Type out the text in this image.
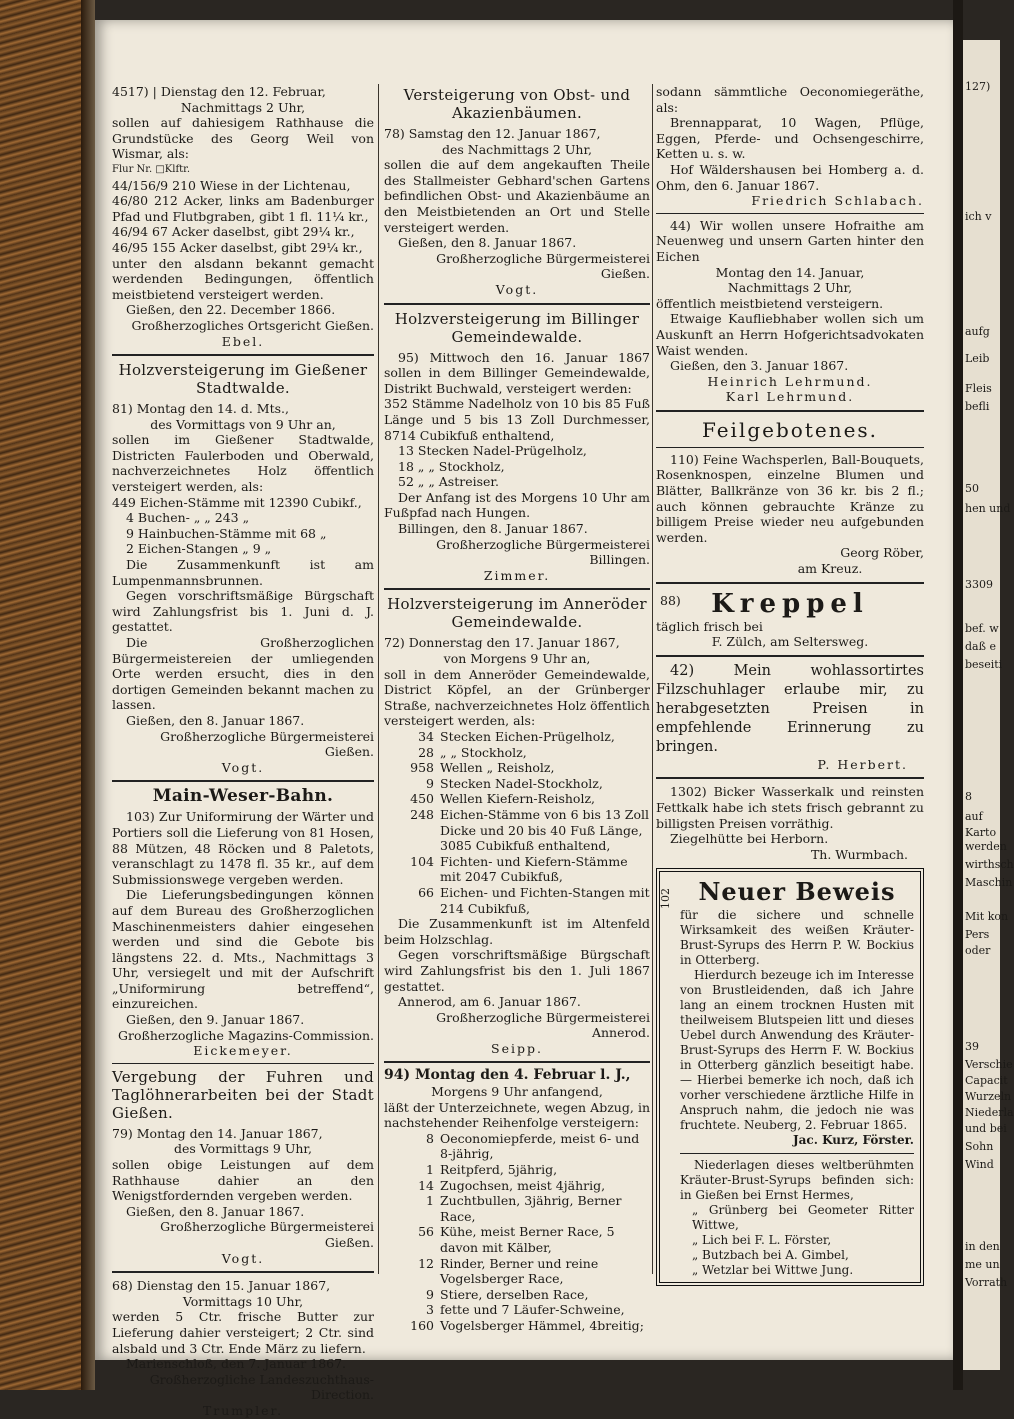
127)
ich v
aufg
Leib
Fleis
befli
50
hen und
3309
bef. w
daß e
beseiti
8
auf
Karto
werden
wirthsch
Maschin
Mit kon
Pers
oder
39
Verschie
Capacit
Wurzeln
Niederla
und bei
Sohn
Wind
in den
me un
Vorrath

4517) | Dienstag den 12. Februar,

Nachmittags 2 Uhr,

sollen auf dahiesigem Rathhause die Grundstücke des Georg Weil von Wismar, als:

Flur Nr. □Klftr.

44/156/9 210 Wiese in der Lichtenau,

46/80 212 Acker, links am Badenburger Pfad und Flutbgraben, gibt 1 fl. 11¼ kr.,

46/94 67 Acker daselbst, gibt 29¼ kr.,

46/95 155 Acker daselbst, gibt 29¼ kr.,

unter den alsdann bekannt gemacht werdenden Bedingungen, öffentlich meistbietend versteigert werden.

Gießen, den 22. December 1866.

Großherzogliches Ortsgericht Gießen.

Ebel.

Holzversteigerung im Gießener Stadtwalde.

81) Montag den 14. d. Mts.,

des Vormittags von 9 Uhr an,

sollen im Gießener Stadtwalde, Districten Faulerboden und Oberwald, nachverzeichnetes Holz öffentlich versteigert werden, als:

449 Eichen-Stämme mit 12390 Cubikf.,

4 Buchen- „ „ 243 „

9 Hainbuchen-Stämme mit 68 „

2 Eichen-Stangen „ 9 „

Die Zusammenkunft ist am Lumpenmannsbrunnen.

Gegen vorschriftsmäßige Bürgschaft wird Zahlungsfrist bis 1. Juni d. J. gestattet.

Die Großherzoglichen Bürgermeistereien der umliegenden Orte werden ersucht, dies in den dortigen Gemeinden bekannt machen zu lassen.

Gießen, den 8. Januar 1867.

Großherzogliche Bürgermeisterei Gießen.

Vogt.

Main-Weser-Bahn.

103) Zur Uniformirung der Wärter und Portiers soll die Lieferung von 81 Hosen, 88 Mützen, 48 Röcken und 8 Paletots, veranschlagt zu 1478 fl. 35 kr., auf dem Submissionswege vergeben werden.

Die Lieferungsbedingungen können auf dem Bureau des Großherzoglichen Maschinenmeisters dahier eingesehen werden und sind die Gebote bis längstens 22. d. Mts., Nachmittags 3 Uhr, versiegelt und mit der Aufschrift „Uniformirung betreffend“, einzureichen.

Gießen, den 9. Januar 1867.

Großherzogliche Magazins-Commission.

Eickemeyer.

Vergebung der Fuhren und Taglöhnerarbeiten bei der Stadt Gießen.

79) Montag den 14. Januar 1867,

des Vormittags 9 Uhr,

sollen obige Leistungen auf dem Rathhause dahier an den Wenigstfordernden vergeben werden.

Gießen, den 8. Januar 1867.

Großherzogliche Bürgermeisterei Gießen.

Vogt.

68) Dienstag den 15. Januar 1867,

Vormittags 10 Uhr,

werden 5 Ctr. frische Butter zur Lieferung dahier versteigert; 2 Ctr. sind alsbald und 3 Ctr. Ende März zu liefern.

Marienschloß, den 7. Januar 1867.

Großherzogliche Landeszuchthaus-Direction.

Trumpler.

Versteigerung von Obst- und Akazienbäumen.

78) Samstag den 12. Januar 1867,

des Nachmittags 2 Uhr,

sollen die auf dem angekauften Theile des Stallmeister Gebhard'schen Gartens befindlichen Obst- und Akazienbäume an den Meistbietenden an Ort und Stelle versteigert werden.

Gießen, den 8. Januar 1867.

Großherzogliche Bürgermeisterei Gießen.

Vogt.

Holzversteigerung im Billinger Gemeindewalde.

95) Mittwoch den 16. Januar 1867 sollen in dem Billinger Gemeindewalde, Distrikt Buchwald, versteigert werden:

352 Stämme Nadelholz von 10 bis 85 Fuß Länge und 5 bis 13 Zoll Durchmesser, 8714 Cubikfuß enthaltend,

13 Stecken Nadel-Prügelholz,

18 „ „ Stockholz,

52 „ „ Astreiser.

Der Anfang ist des Morgens 10 Uhr am Fußpfad nach Hungen.

Billingen, den 8. Januar 1867.

Großherzogliche Bürgermeisterei Billingen.

Zimmer.

Holzversteigerung im Anneröder Gemeindewalde.

72) Donnerstag den 17. Januar 1867,

von Morgens 9 Uhr an,

soll in dem Anneröder Gemeindewalde, District Köpfel, an der Grünberger Straße, nachverzeichnetes Holz öffentlich versteigert werden, als:

34 Stecken Eichen-Prügelholz,
28 „ „ Stockholz,
958 Wellen „ Reisholz,
9 Stecken Nadel-Stockholz,
450 Wellen Kiefern-Reisholz,
248 Eichen-Stämme von 6 bis 13 Zoll Dicke und 20 bis 40 Fuß Länge, 3085 Cubikfuß enthaltend,
104 Fichten- und Kiefern-Stämme mit 2047 Cubikfuß,
66 Eichen- und Fichten-Stangen mit 214 Cubikfuß,

Die Zusammenkunft ist im Altenfeld beim Holzschlag.

Gegen vorschriftsmäßige Bürgschaft wird Zahlungsfrist bis den 1. Juli 1867 gestattet.

Annerod, am 6. Januar 1867.

Großherzogliche Bürgermeisterei Annerod.

Seipp.

94) Montag den 4. Februar l. J.,

Morgens 9 Uhr anfangend,

läßt der Unterzeichnete, wegen Abzug, in nachstehender Reihenfolge versteigern:

8 Oeconomiepferde, meist 6- und 8-jährig,
1 Reitpferd, 5jährig,
14 Zugochsen, meist 4jährig,
1 Zuchtbullen, 3jährig, Berner Race,
56 Kühe, meist Berner Race, 5 davon mit Kälber,
12 Rinder, Berner und reine Vogelsberger Race,
9 Stiere, derselben Race,
3 fette und 7 Läufer-Schweine,
160 Vogelsberger Hämmel, 4breitig;

sodann sämmtliche Oeconomiegeräthe, als:

Brennapparat, 10 Wagen, Pflüge, Eggen, Pferde- und Ochsengeschirre, Ketten u. s. w.

Hof Wäldershausen bei Homberg a. d. Ohm, den 6. Januar 1867.

Friedrich Schlabach.

44) Wir wollen unsere Hofraithe am Neuenweg und unsern Garten hinter den Eichen

Montag den 14. Januar,

Nachmittags 2 Uhr,

öffentlich meistbietend versteigern.

Etwaige Kaufliebhaber wollen sich um Auskunft an Herrn Hofgerichtsadvokaten Waist wenden.

Gießen, den 3. Januar 1867.

Heinrich Lehrmund.

Karl Lehrmund.

Feilgebotenes.

110) Feine Wachsperlen, Ball-Bouquets, Rosenknospen, einzelne Blumen und Blätter, Ballkränze von 36 kr. bis 2 fl.; auch können gebrauchte Kränze zu billigem Preise wieder neu aufgebunden werden.

Georg Röber,

am Kreuz.

88)	Kreppel

täglich frisch bei

F. Zülch, am Seltersweg.

42) Mein wohlassortirtes Filzschuhlager erlaube mir, zu herabgesetzten Preisen in empfehlende Erinnerung zu bringen.

P. Herbert.

1302) Bicker Wasserkalk und reinsten Fettkalk habe ich stets frisch gebrannt zu billigsten Preisen vorräthig.

Ziegelhütte bei Herborn.

Th. Wurmbach.

102	Neuer Beweis

für die sichere und schnelle Wirksamkeit des weißen Kräuter-Brust-Syrups des Herrn P. W. Bockius in Otterberg.

Hierdurch bezeuge ich im Interesse von Brustleidenden, daß ich Jahre lang an einem trocknen Husten mit theilweisem Blutspeien litt und dieses Uebel durch Anwendung des Kräuter-Brust-Syrups des Herrn F. W. Bockius in Otterberg gänzlich beseitigt habe. — Hierbei bemerke ich noch, daß ich vorher verschiedene ärztliche Hilfe in Anspruch nahm, die jedoch nie was fruchtete. Neuberg, 2. Februar 1865.

Jac. Kurz, Förster.

Niederlagen dieses weltberühmten Kräuter-Brust-Syrups befinden sich: in Gießen bei Ernst Hermes,

„ Grünberg bei Geometer Ritter Wittwe,

„ Lich bei F. L. Förster,

„ Butzbach bei A. Gimbel,

„ Wetzlar bei Wittwe Jung.
